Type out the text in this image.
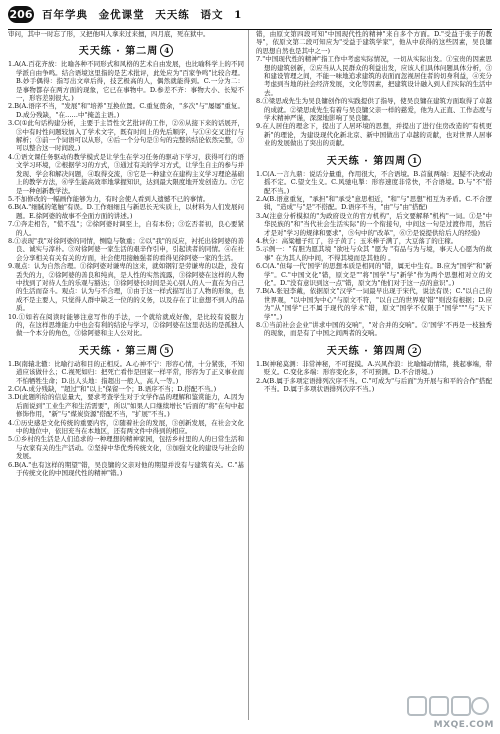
206 百年学典 金优课堂 天天练 语文 1

审问，其中一时忘了形，又把他叫人拿来过来擅，四月底，死在狱中。

天天练 · 第二周 4

1.A(A.百花齐放：比喻各种不同形式和风格的艺术自由发展，也比喻科学上的不同学派自由争鸣。结合语境这里指的是艺术批评，此处应为"百家争鸣"比较合理。B.妙手偶得：指写出文章后得，技艺极高的人，偶然就能得到。C.一分为二：是事物都存在两方面的现象，它已在事物中。D.参差不齐：事物大小、长短不一，形容差别很大。)

2.B(A.语序不当，"发展"和"培养"互换位置。C.重复赘余，"多次"与"屡屡"重复。D.成分残缺，"在……中"掩盖主语。)

3.C(①此句话构建分析，主要于主旨性文艺批评的工作，②⑥从接下来的话展开，③中有时性问题较加入了学术文字，既有时间上的先后顺序，与①④交叉进行与解析；③前一个词语可以从形，④后一个分句是③句的完整的结论依然完整，③可以整合这一时间段。)

4.①语文课任务驱动的教学模式是让学生在学习任务的驱动下学习，获得可行的语文学习环境，②根据学习的方式，③通过有关的学习方式，让学生自主的参与并发现、学会和解决问题，④取得交流，⑤它是一种建立在建构主义学习理论基础上的教学方法，⑥学生能高效率地掌握知识，达到最大限度地开发创造力。⑦它是一种创新教学法。

5.不加修改的一幅画作能够为力，有时会使人看到人遗憾不已的事情。

6.B(A."细腻的笔触"有误。D.工作细细且与新思长无实质上，以材料为人们发展问题。E.徐阿婆的故事不全面方面的讲述。)

7.①奔走相告，"慌不乱"；②徐阿婆时调至上，自有本份；③讫否者初，良心要紧的人。

8.①表现"我"对徐阿婆的同情，恻隐与敬重；②以"我"的反应，衬托出徐阿婆的善良、诚实与淳朴。③对徐阿婆一家生活的艰辛作引申，引起读者的同情。④在社会分享相关有关有关的方面，社会使用接触强者的看得见徐阿婆一家的生活。

9.观点：认为自然合理。①徐阿婆对谦卑的这来，就如钢钉是劳谦卑的以赴，没有丢失的力，②徐阿婆的善良和纯真，是人性的实然流露，③徐阿婆在这样的人物中找到了对待人生的乐观与豁达；③徐阿婆长时间是关心别人的人一直在为自己的生活而奋斗。观点：认为与不合理，①由于这一样式描写出了人物的形象，也成不是主要人，只觉得人群中缺乏一位的的义务，以及存在了让意想不到人的品质。

10.①如若在阅读时能够注意写作的手法，一个就给就成好像，是比较有说服力的，在这样思维能力中也会有利的结论与学习，②徐阿婆在这里表达的是孤独人做一个本分的角色，③徐阿婆和主人公对比。

天天练 · 第三周 5

1.B(南辕北辙：比喻行动和目的正相反。A.心神不宁：形容心情，十分紧张，不知道应该做什么；C.视死如归：把死亡看作是回家一样平常，形容为了正义事业而不怕牺牲生命；D.出人头地：指超出一般人，高人一等。)

2.C(A.成分残缺，"超过"和"以上"保留一个；B.语序不当；D.搭配不当。)

3.D(此题所给的信息量大，要求考查学生对于文学作品的理解和鉴赏能力，A.因为后面说到"工业生产和生活需要"，所以"如果人口继续增长"后面的"将"在句中起修饰作用，"新"与"煤炭资源"搭配不当，"扩展"不当。)

4.①历史感是文化传统的重要内容，②随着社会的发展，③创新发展，在社会文化中的地位中，依旧充当在本地区，还有两文件中得到的相应。

5.①乡村的生活是人们追求的一种理想的精神家园，包括乡村里的人的日常生活和与农家有关的生产活动。②坚持中华优秀传统文化，③加强文化的建设与社会的发展。

6.B(A."也有这样的期望"错，吴良镛的父亲对他的期望并没有与建筑有关。C."基于传统文化的中国现代性的精神"错。)

错，由原文第四段可知"中国现代性的精神"来自多个方面。D."受益于张子的教导"，依原文第二段可知应为"受益于建筑学家"，他从中获得的这些因素，吴良镛的思想自然也是其中之一)

7."中国现代性的精神"指工作中考虑实际情况，一切从实际出发。①宝贵的因素思想的建筑创新，②应当从人民群众的利益出发，应该人们具体问题具体分析，③和建设管理之间，不能一味地追求建筑的表面而忽视居住者的切身利益，④充分考虑到当地的社会经济发展，文化等因素，把建筑设计融入到人们实际的生活中去。

8.①梁思成先生为吴良镛创作的实践提供了指导，使吴良镛在建筑方面取得了卓越的成就。②梁思成先生有着与吴良镛父亲一样的慈爱，他为人正直、工作态度与学术精神严谨，深深地影响了吴良镛。

9.在人居住的理念下，提出了人居环境的思想，并提出了进行住房改造的"有机更新"的理论，为建设现代化新北京、新中国做出了卓越的贡献，也对世界人居事业的发展做出了突出的贡献。

天天练 · 第四周 1

1.C(A.一言九鼎：说话分量重，作用很大，不合语境。B.首鼠两端：迟疑不决或动摇不定。C.望文生义。C.风驰电掣：形容速度非常快，不合语境。D.与"不"搭配不当。)

2.A(B.语意重复，"承担"和"承受"意思相近，"和"与"思想"相互为矛盾。C.不合逻辑，"造成"与"是"不搭配。D.语序不当，"由"与"由"搭配)

3.A(注意分析模拟的"为政府设立的官方机构"，后文要解释"机构"一词。①是"中华民族的"和"当代社会生活实际"的一个衔接句，中间这一句是过渡作用，然后才是对"学习的规律和要求"，⑤句中的"改革"，⑥⑦是说提供给后人的经验)

4.秋分：高粱穗子红了，谷子黄了；玉米棒子满了，大豆落了的庄稼。

5.示例一："有胆为愿其境 "欲吐与众其 "愿为 "有品与为与境，事天人心愿为的故事" 在为其人的中间，不得其境而是其他的 。

6.C(A."但每一代'国学'的思想本质是相同的"错，属无中生有。B.应为"国学"和"新学"。C."中国文化"错，原文是""将"国学"与"新学"作为两个思想相对立的文化"。D."没有意识到这一点"错，原文为"他们对于这一点的意识"。)

7.B(A.张冠李戴，依据原文"汉学"一词最早出现于宋代，说法有误；C."以自己的世界观，"以中国为中心"与原文不符，"以自己的世界观'错'"则没有根据；D.应为"从"国学"已不属于现代的学术"错，原文"国学不仅限于"国学"""与"天下学""。)

8.①当前社会企业"讲求中国的交响"，"对合并的交响"。②'国学'不再是一枝独秀的现象，而是有了中国之间两者的交响。

天天练 · 第四周 2

1.B(神秘莫测：非常神秘，不可捉摸。A.兴风作浪：比喻煽动情绪，挑起事端，带贬义。C.变化多端：形容变化多，不可预测。D.不合语境。)

2.A(B.属于多项定语排列次序不当。C."可成为"与后面"为开展与和平的合作"搭配不当。D.属于多项状语排列次序不当。)

MXQE.COM
